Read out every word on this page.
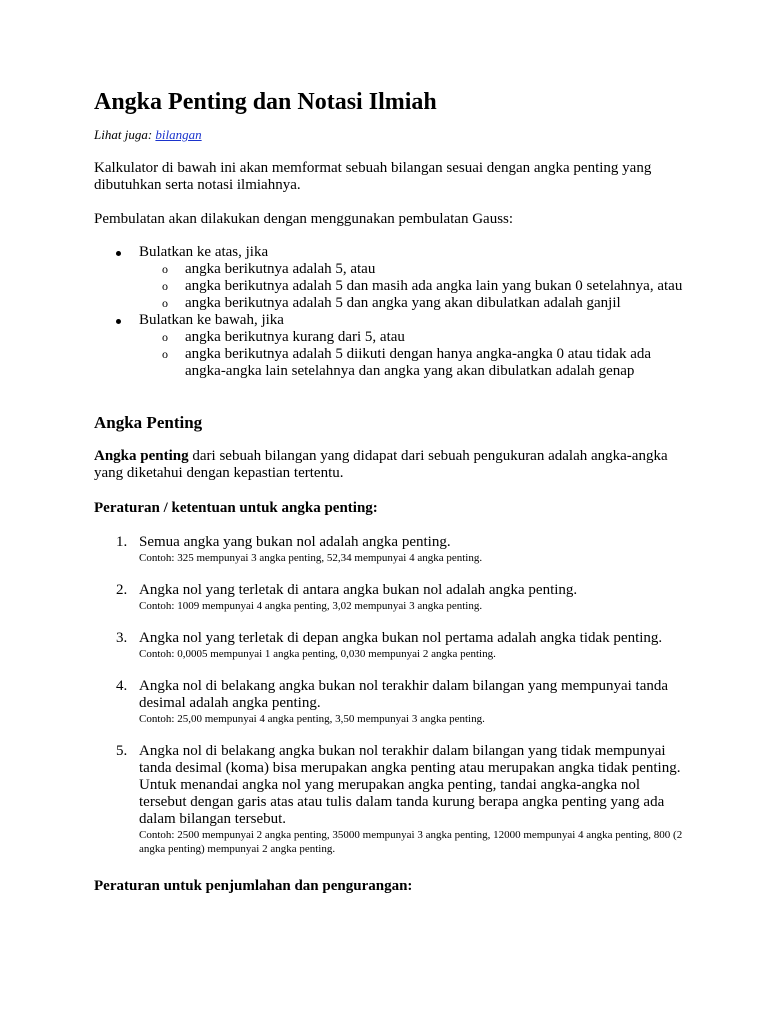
Angka Penting dan Notasi Ilmiah
Lihat juga: bilangan

Kalkulator di bawah ini akan memformat sebuah bilangan sesuai dengan angka penting yang dibutuhkan serta notasi ilmiahnya.

Pembulatan akan dilakukan dengan menggunakan pembulatan Gauss:

Bulatkan ke atas, jika
o angka berikutnya adalah 5, atau
o angka berikutnya adalah 5 dan masih ada angka lain yang bukan 0 setelahnya, atau
o angka berikutnya adalah 5 dan angka yang akan dibulatkan adalah ganjil
Bulatkan ke bawah, jika
o angka berikutnya kurang dari 5, atau
o angka berikutnya adalah 5 diikuti dengan hanya angka-angka 0 atau tidak ada angka-angka lain setelahnya dan angka yang akan dibulatkan adalah genap
Angka Penting

Angka penting dari sebuah bilangan yang didapat dari sebuah pengukuran adalah angka-angka yang diketahui dengan kepastian tertentu.

Peraturan / ketentuan untuk angka penting:

1. Semua angka yang bukan nol adalah angka penting.
Contoh: 325 mempunyai 3 angka penting, 52,34 mempunyai 4 angka penting.
2. Angka nol yang terletak di antara angka bukan nol adalah angka penting.
Contoh: 1009 mempunyai 4 angka penting, 3,02 mempunyai 3 angka penting.
3. Angka nol yang terletak di depan angka bukan nol pertama adalah angka tidak penting.
Contoh: 0,0005 mempunyai 1 angka penting, 0,030 mempunyai 2 angka penting.
4. Angka nol di belakang angka bukan nol terakhir dalam bilangan yang mempunyai tanda desimal adalah angka penting.
Contoh: 25,00 mempunyai 4 angka penting, 3,50 mempunyai 3 angka penting.
5. Angka nol di belakang angka bukan nol terakhir dalam bilangan yang tidak mempunyai tanda desimal (koma) bisa merupakan angka penting atau merupakan angka tidak penting. Untuk menandai angka nol yang merupakan angka penting, tandai angka-angka nol tersebut dengan garis atas atau tulis dalam tanda kurung berapa angka penting yang ada dalam bilangan tersebut.
Contoh: 2500 mempunyai 2 angka penting, 35000 mempunyai 3 angka penting, 12000 mempunyai 4 angka penting, 800 (2 angka penting) mempunyai 2 angka penting.

Peraturan untuk penjumlahan dan pengurangan:
